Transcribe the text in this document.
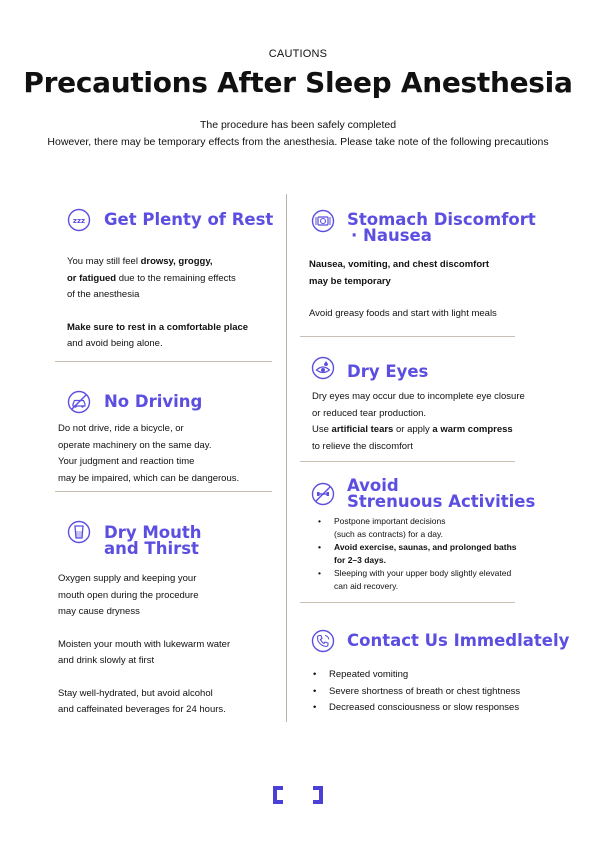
CAUTIONS
Precautions After Sleep Anesthesia
The procedure has been safely completed
However, there may be temporary effects from the anesthesia. Please take note of the following precautions
zzz Get Plenty of Rest
You may still feel drowsy, groggy,
or fatigued due to the remaining effects
of the anesthesia
Make sure to rest in a comfortable place
and avoid being alone.
No Driving
Do not drive, ride a bicycle, or
operate machinery on the same day.
Your judgment and reaction time
may be impaired, which can be dangerous.
Dry Mouth
and Thirst
Oxygen supply and keeping your
mouth open during the procedure
may cause dryness
Moisten your mouth with lukewarm water
and drink slowly at first
Stay well-hydrated, but avoid alcohol
and caffeinated beverages for 24 hours.
Stomach Discomfort
· Nausea
Nausea, vomiting, and chest discomfort
may be temporary
Avoid greasy foods and start with light meals
Dry Eyes
Dry eyes may occur due to incomplete eye closure
or reduced tear production.
Use artificial tears or apply a warm compress
to relieve the discomfort
Avoid
Strenuous Activities
• Postpone important decisions
(such as contracts) for a day.
• Avoid exercise, saunas, and prolonged baths
for 2–3 days.
• Sleeping with your upper body slightly elevated
can aid recovery.
Contact Us Immedlately
• Repeated vomiting
• Severe shortness of breath or chest tightness
• Decreased consciousness or slow responses
